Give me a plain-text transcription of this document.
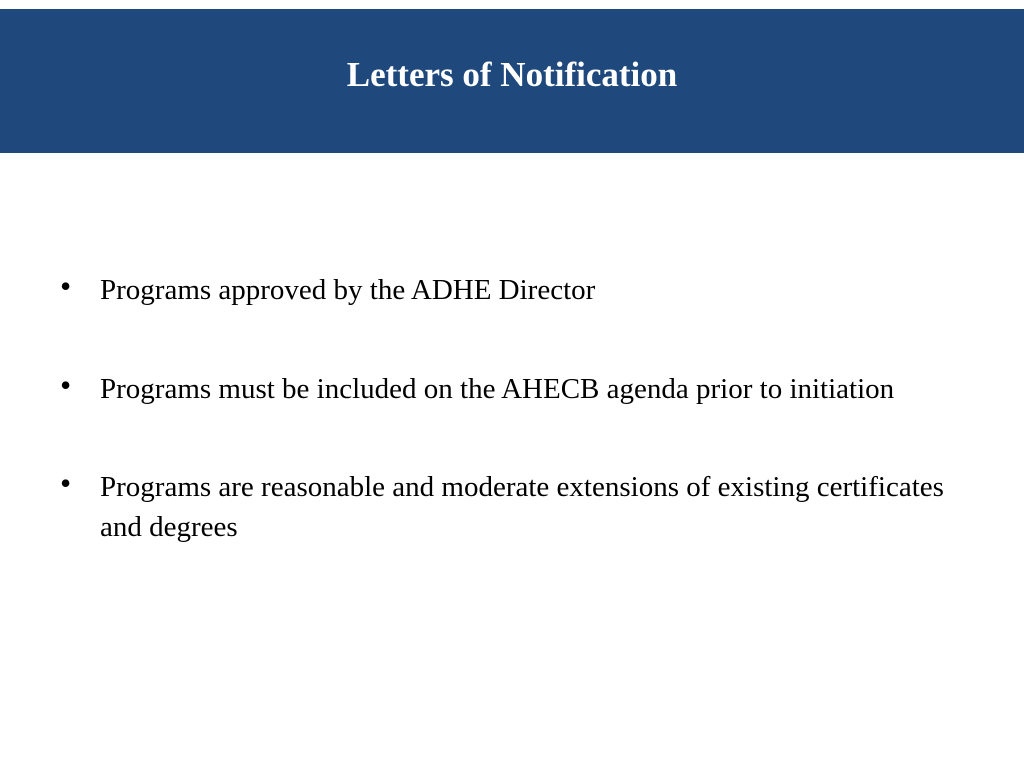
Letters of Notification
• Programs approved by the ADHE Director
• Programs must be included on the AHECB agenda prior to initiation
• Programs are reasonable and moderate extensions of existing certificates and degrees
